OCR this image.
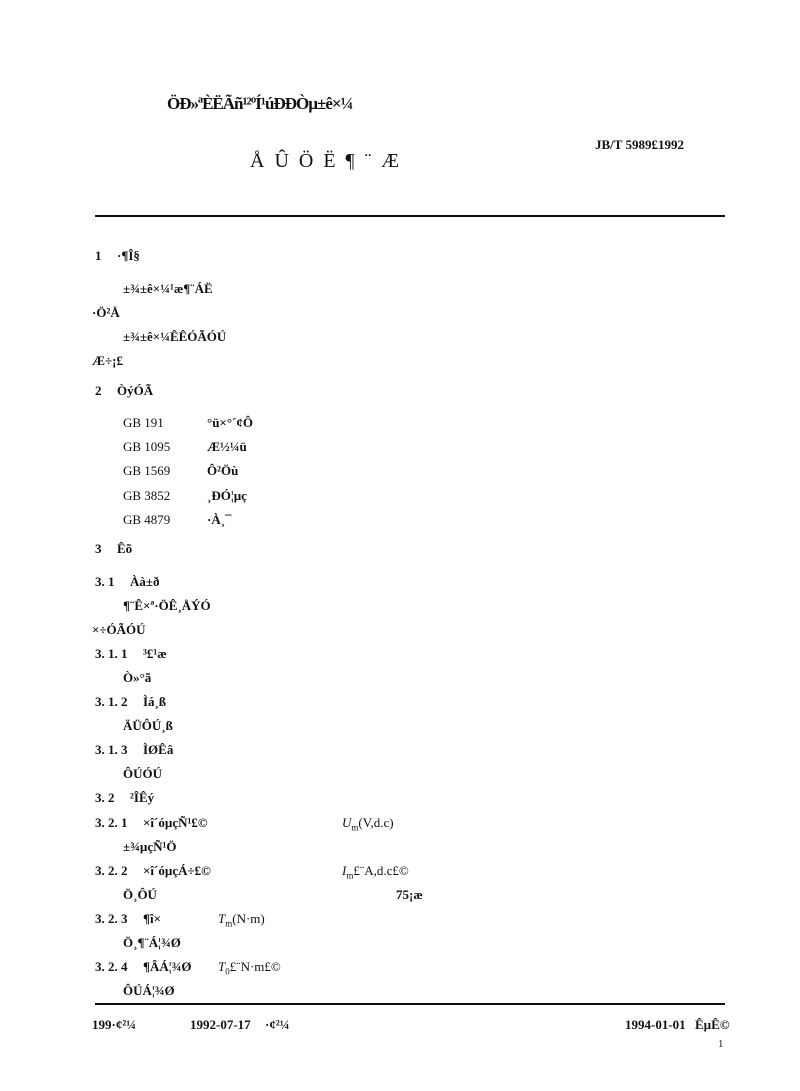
ÖÐ»ªÈËÃñ¹²ºÍ¹úÐÐÒµ±ê×¼
JB/T 5989£1992
ÅÛÖË¶¨Æ
1 ·¶Î§
±¾±ê×¼¹æ¶¨ÁË
·Ö²Å
±¾±ê×¼ÊÊÓÃÓÚ
Æ÷¡£
2 ÒýÓÃ
GB 191	°ü×°´¢Ô
GB 1095	Æ½¼ü
GB 1569	Ô²Öù
GB 3852	¸ÐÓ¦µç
GB 4879	·À¸¯
3 Êõ
3. 1 Àà±ð
¶¨Ê×ª·ÖÊ¸ÅÝÓ
×÷ÓÃÓÚ
3. 1. 1 ³£¹æ
Ò»°ã
3. 1. 2 Ìá¸ß
ÄÜÔÚ¸ß
3. 1. 3 ÌØÊâ
ÔÚÓÚ
3. 2 ²ÎÊý
3. 2. 1 ×î´óµçÑ¹£©	$U_m(V,d.c)$
±¾µçÑ¹Ö
3. 2. 2 ×î´óµçÁ÷£©	$I_m£¨A,d.c£©$
Ö¸ÔÚ	75¡æ
3. 2. 3 ¶î×	$T_m(N\cdot m)$
Ö¸¶¨Á¦¾Ø
3. 2. 4 ¶ÂÁ¦¾Ø $T_0£¨N\cdot m£©$
ÔÚÁ¦¾Ø
199·¢²¼	1992-07-17 ·¢²¼	1994-01-01 ÊµÊ©
1
